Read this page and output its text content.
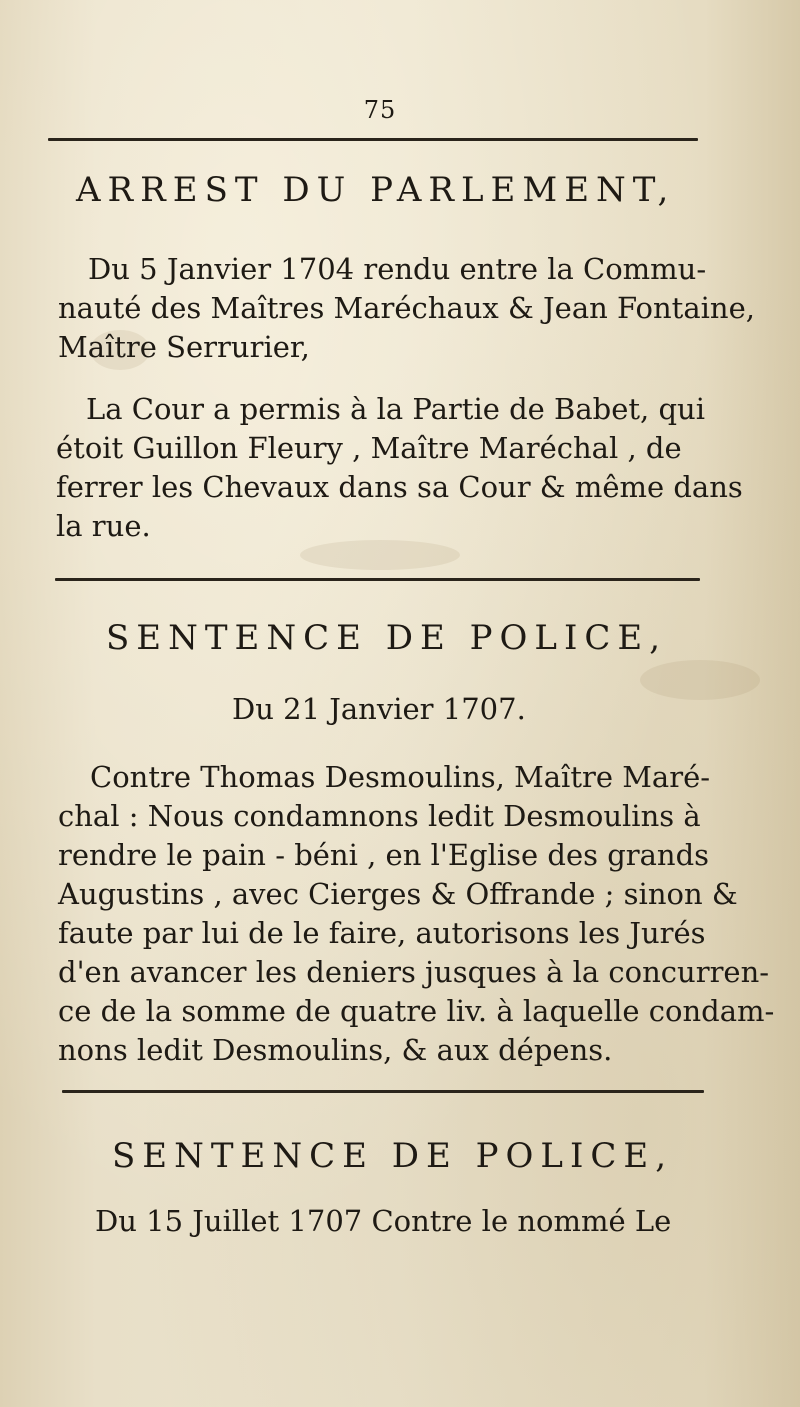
75
ARREST DU PARLEMENT,
Du 5 Janvier 1704 rendu entre la Commu-
nauté des Maîtres Maréchaux & Jean Fontaine,
Maître Serrurier,
La Cour a permis à la Partie de Babet, qui
étoit Guillon Fleury , Maître Maréchal , de
ferrer les Chevaux dans sa Cour & même dans
la rue.
SENTENCE DE POLICE,
Du 21 Janvier 1707.
Contre Thomas Desmoulins, Maître Maré-
chal : Nous condamnons ledit Desmoulins à
rendre le pain - béni , en l'Eglise des grands
Augustins , avec Cierges & Offrande ; sinon &
faute par lui de le faire, autorisons les Jurés
d'en avancer les deniers jusques à la concurren-
ce de la somme de quatre liv. à laquelle condam-
nons ledit Desmoulins, & aux dépens.
SENTENCE DE POLICE,
Du 15 Juillet 1707 Contre le nommé Le
